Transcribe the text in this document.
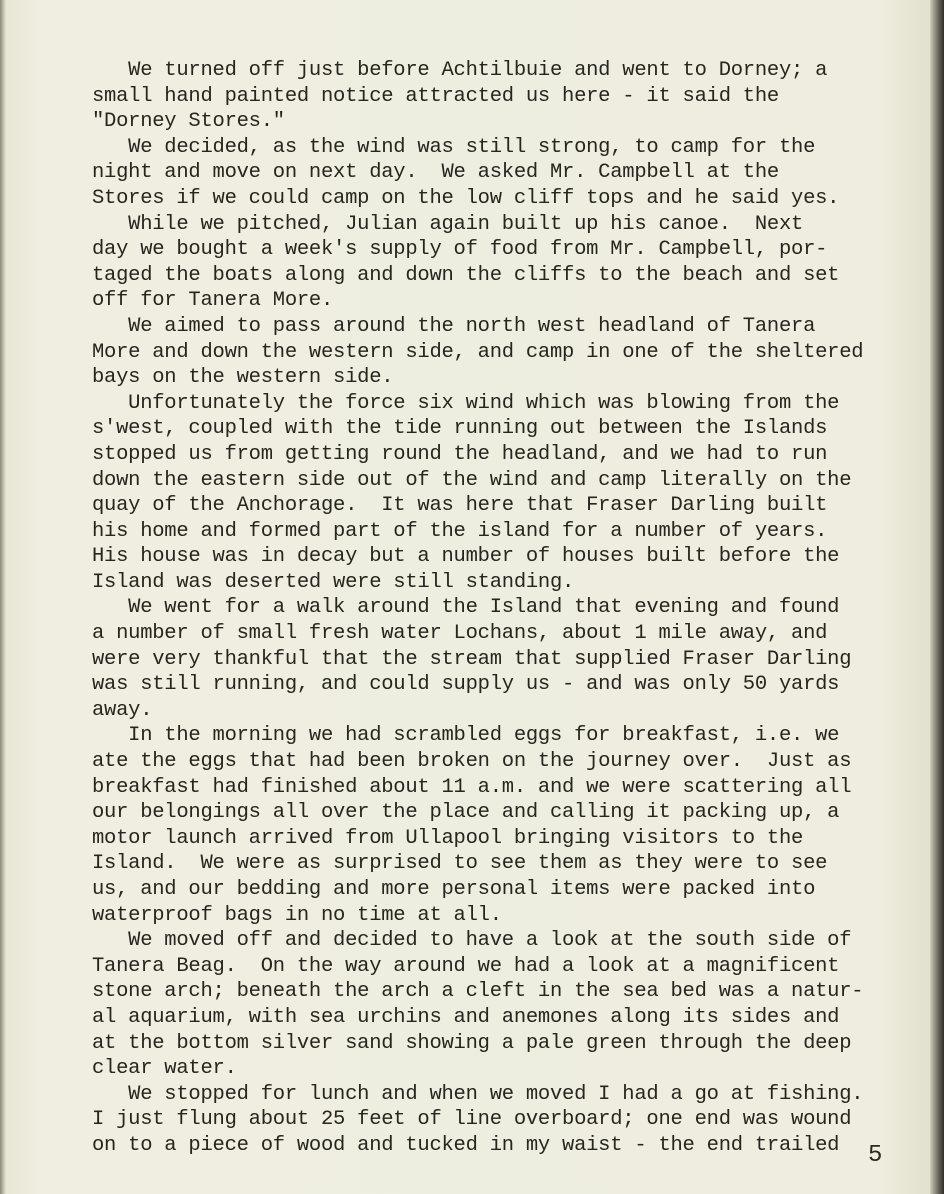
We turned off just before Achtilbuie and went to Dorney; a
small hand painted notice attracted us here - it said the
"Dorney Stores."
We decided, as the wind was still strong, to camp for the
night and move on next day.  We asked Mr. Campbell at the
Stores if we could camp on the low cliff tops and he said yes.
While we pitched, Julian again built up his canoe.  Next
day we bought a week's supply of food from Mr. Campbell, por-
taged the boats along and down the cliffs to the beach and set
off for Tanera More.
We aimed to pass around the north west headland of Tanera
More and down the western side, and camp in one of the sheltered
bays on the western side.
Unfortunately the force six wind which was blowing from the
s'west, coupled with the tide running out between the Islands
stopped us from getting round the headland, and we had to run
down the eastern side out of the wind and camp literally on the
quay of the Anchorage.  It was here that Fraser Darling built
his home and formed part of the island for a number of years.
His house was in decay but a number of houses built before the
Island was deserted were still standing.
We went for a walk around the Island that evening and found
a number of small fresh water Lochans, about 1 mile away, and
were very thankful that the stream that supplied Fraser Darling
was still running, and could supply us - and was only 50 yards
away.
In the morning we had scrambled eggs for breakfast, i.e. we
ate the eggs that had been broken on the journey over.  Just as
breakfast had finished about 11 a.m. and we were scattering all
our belongings all over the place and calling it packing up, a
motor launch arrived from Ullapool bringing visitors to the
Island.  We were as surprised to see them as they were to see
us, and our bedding and more personal items were packed into
waterproof bags in no time at all.
We moved off and decided to have a look at the south side of
Tanera Beag.  On the way around we had a look at a magnificent
stone arch; beneath the arch a cleft in the sea bed was a natur-
al aquarium, with sea urchins and anemones along its sides and
at the bottom silver sand showing a pale green through the deep
clear water.
We stopped for lunch and when we moved I had a go at fishing.
I just flung about 25 feet of line overboard; one end was wound
on to a piece of wood and tucked in my waist - the end trailed	5
